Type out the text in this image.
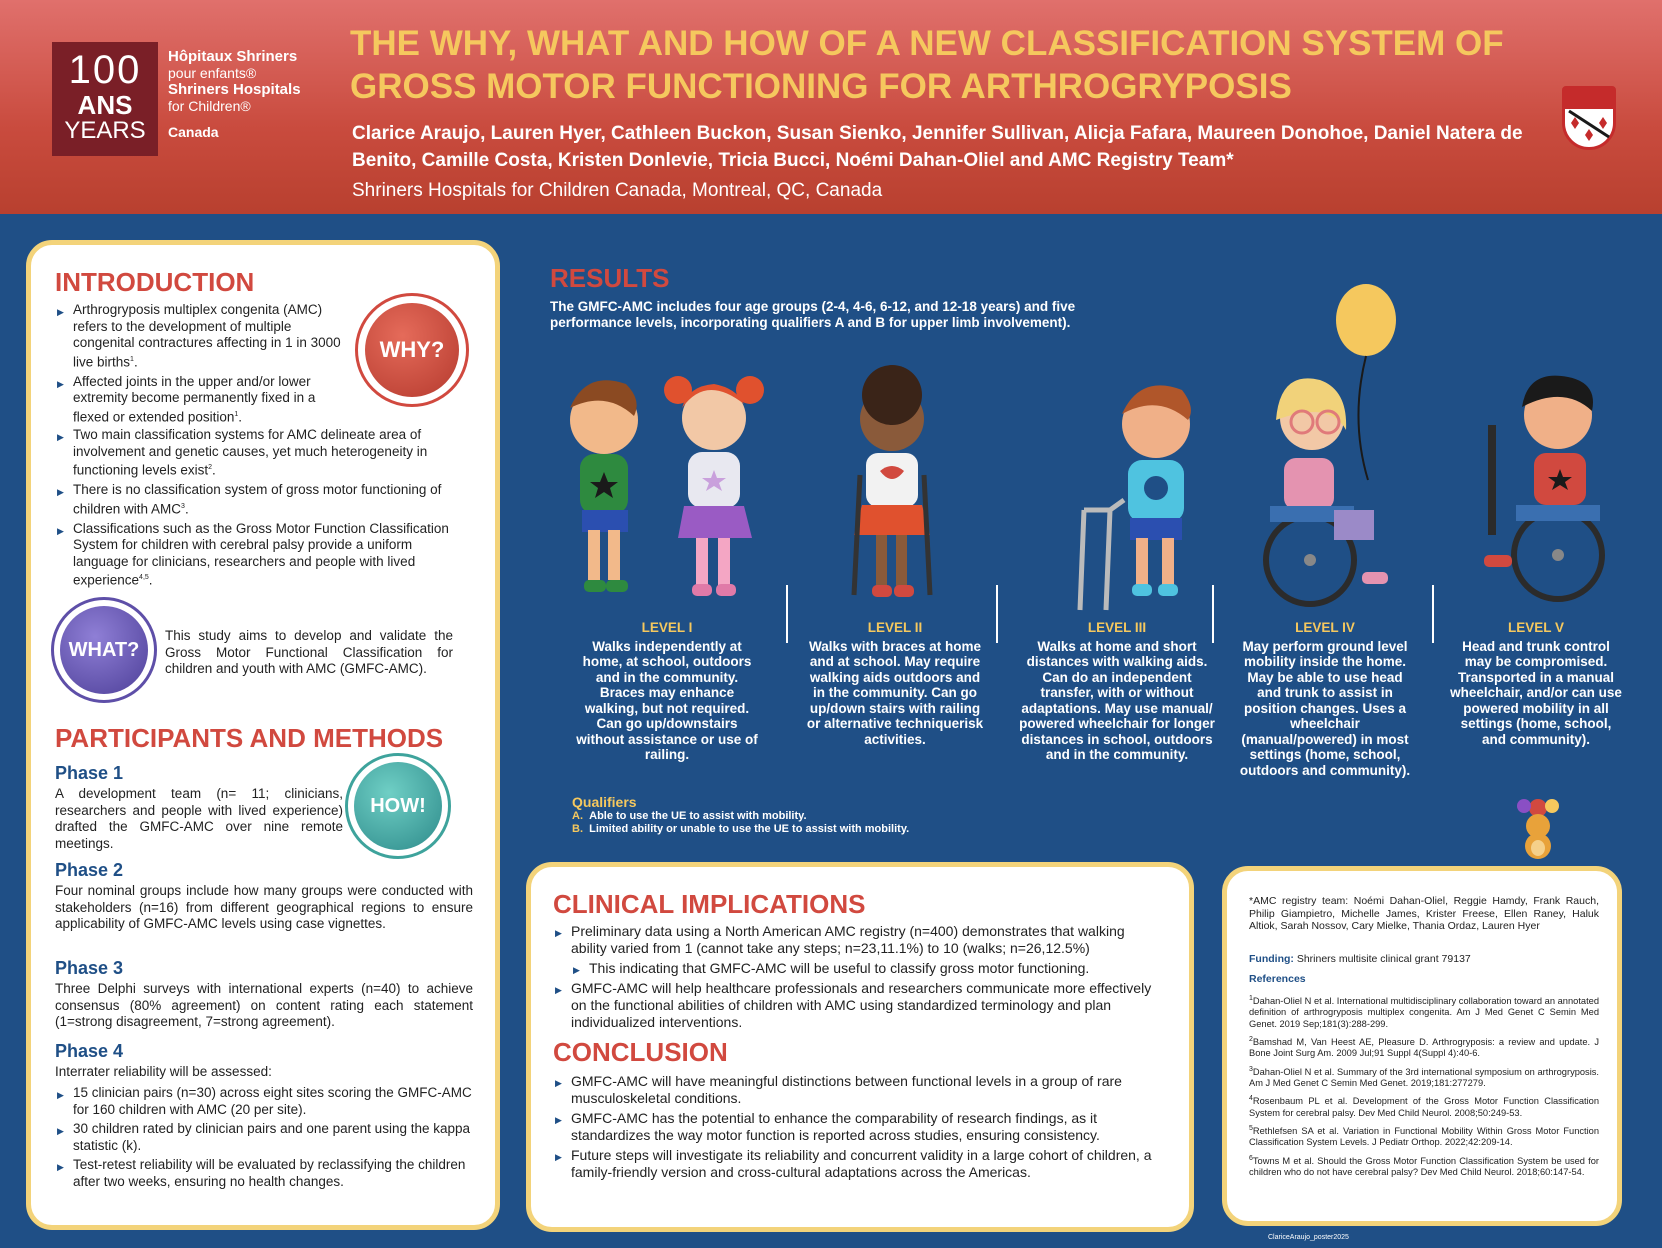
100
ANS
YEARS
Hôpitaux Shriners
pour enfants®
Shriners Hospitals
for Children®
Canada
THE WHY, WHAT AND HOW OF A NEW CLASSIFICATION SYSTEM OF GROSS MOTOR FUNCTIONING FOR ARTHROGRYPOSIS
Clarice Araujo, Lauren Hyer, Cathleen Buckon, Susan Sienko, Jennifer Sullivan, Alicja Fafara, Maureen Donohoe, Daniel Natera de Benito, Camille Costa, Kristen Donlevie, Tricia Bucci, Noémi Dahan-Oliel and AMC Registry Team*
Shriners Hospitals for Children Canada, Montreal, QC, Canada
INTRODUCTION
WHY?
▶ Arthrogryposis multiplex congenita (AMC) refers to the development of multiple congenital contractures affecting in 1 in 3000 live births$^1$.
▶ Affected joints in the upper and/or lower extremity become permanently fixed in a flexed or extended position$^1$.
▶ Two main classification systems for AMC delineate area of involvement and genetic causes, yet much heterogeneity in functioning levels exist$^2$.
▶ There is no classification system of gross motor functioning of children with AMC$^3$.
▶ Classifications such as the Gross Motor Function Classification System for children with cerebral palsy provide a uniform language for clinicians, researchers and people with lived experience$^{4,5}$.
WHAT?
This study aims to develop and validate the Gross Motor Functional Classification for children and youth with AMC (GMFC-AMC).
PARTICIPANTS AND METHODS
HOW!
Phase 1
A development team (n= 11; clinicians, researchers and people with lived experience) drafted the GMFC-AMC over nine remote meetings.
Phase 2
Four nominal groups include how many groups were conducted with stakeholders (n=16) from different geographical regions to ensure applicability of GMFC-AMC levels using case vignettes.
Phase 3
Three Delphi surveys with international experts (n=40) to achieve consensus (80% agreement) on content rating each statement (1=strong disagreement, 7=strong agreement).
Phase 4
Interrater reliability will be assessed:
▶ 15 clinician pairs (n=30) across eight sites scoring the GMFC-AMC for 160 children with AMC (20 per site).
▶ 30 children rated by clinician pairs and one parent using the kappa statistic (k).
▶ Test-retest reliability will be evaluated by reclassifying the children after two weeks, ensuring no health changes.
RESULTS
The GMFC-AMC includes four age groups (2-4, 4-6, 6-12, and 12-18 years) and five performance levels, incorporating qualifiers A and B for upper limb involvement).
LEVEL I
Walks independently at home, at school, outdoors and in the community. Braces may enhance walking, but not required. Can go up/downstairs without assistance or use of railing.
LEVEL II
Walks with braces at home and at school. May require walking aids outdoors and in the community. Can go up/down stairs with railing or alternative techniquerisk activities.
LEVEL III
Walks at home and short distances with walking aids. Can do an independent transfer, with or without adaptations. May use manual/ powered wheelchair for longer distances in school, outdoors and in the community.
LEVEL IV
May perform ground level mobility inside the home. May be able to use head and trunk to assist in position changes. Uses a wheelchair (manual/powered) in most settings (home, school, outdoors and community).
LEVEL V
Head and trunk control may be compromised. Transported in a manual wheelchair, and/or can use powered mobility in all settings (home, school, and community).
Qualifiers
A. Able to use the UE to assist with mobility.
B. Limited ability or unable to use the UE to assist with mobility.
CLINICAL IMPLICATIONS
▶ Preliminary data using a North American AMC registry (n=400) demonstrates that walking ability varied from 1 (cannot take any steps; n=23,11.1%) to 10 (walks; n=26,12.5%)
▶ This indicating that GMFC-AMC will be useful to classify gross motor functioning.
▶ GMFC-AMC will help healthcare professionals and researchers communicate more effectively on the functional abilities of children with AMC using standardized terminology and plan individualized interventions.
CONCLUSION
▶ GMFC-AMC will have meaningful distinctions between functional levels in a group of rare musculoskeletal conditions.
▶ GMFC-AMC has the potential to enhance the comparability of research findings, as it standardizes the way motor function is reported across studies, ensuring consistency.
▶ Future steps will investigate its reliability and concurrent validity in a large cohort of children, a family-friendly version and cross-cultural adaptations across the Americas.
*AMC registry team: Noémi Dahan-Oliel, Reggie Hamdy, Frank Rauch, Philip Giampietro, Michelle James, Krister Freese, Ellen Raney, Haluk Altiok, Sarah Nossov, Cary Mielke, Thania Ordaz, Lauren Hyer
Funding: Shriners multisite clinical grant 79137
References

$^1$Dahan-Oliel N et al. International multidisciplinary collaboration toward an annotated definition of arthrogryposis multiplex congenita. Am J Med Genet C Semin Med Genet. 2019 Sep;181(3):288-299.

$^2$Bamshad M, Van Heest AE, Pleasure D. Arthrogryposis: a review and update. J Bone Joint Surg Am. 2009 Jul;91 Suppl 4(Suppl 4):40-6.

$^3$Dahan-Oliel N et al. Summary of the 3rd international symposium on arthrogryposis. Am J Med Genet C Semin Med Genet. 2019;181:277279.

$^4$Rosenbaum PL et al. Development of the Gross Motor Function Classification System for cerebral palsy. Dev Med Child Neurol. 2008;50:249-53.

$^5$Rethlefsen SA et al. Variation in Functional Mobility Within Gross Motor Function Classification System Levels. J Pediatr Orthop. 2022;42:209-14.

$^6$Towns M et al. Should the Gross Motor Function Classification System be used for children who do not have cerebral palsy? Dev Med Child Neurol. 2018;60:147-54.

ClariceAraujo_poster2025
